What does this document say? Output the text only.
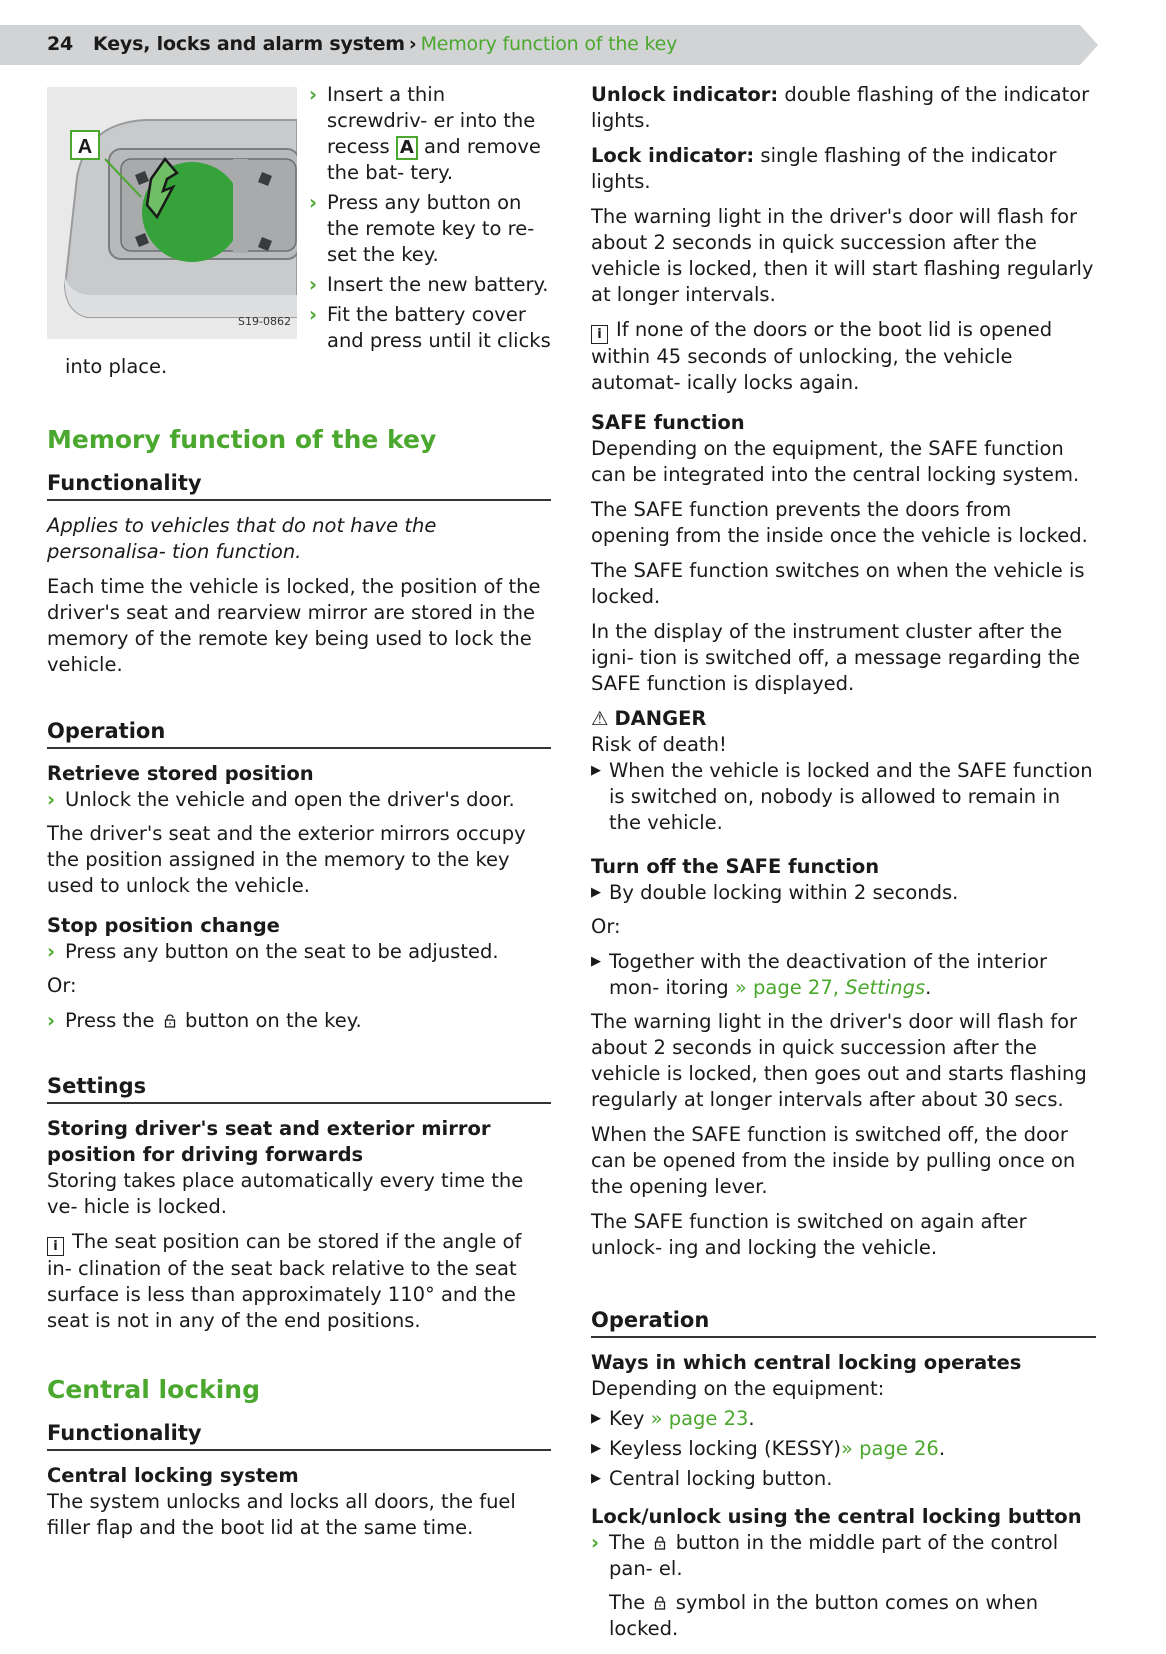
24 Keys, locks and alarm system › Memory function of the key
A
S19-0862
› Insert a thin screwdriv- er into the recess A and remove the bat- tery.
› Press any button on the remote key to re- set the key.
› Insert the new battery.
› Fit the battery cover and press until it clicks

into place.

Memory function of the key
Functionality

Applies to vehicles that do not have the personalisa- tion function.

Each time the vehicle is locked, the position of the driver's seat and rearview mirror are stored in the memory of the remote key being used to lock the vehicle.

Operation

Retrieve stored position

› Unlock the vehicle and open the driver's door.

The driver's seat and the exterior mirrors occupy the position assigned in the memory to the key used to unlock the vehicle.

Stop position change

› Press any button on the seat to be adjusted.

Or:

› Press the button on the key.
Settings

Storing driver's seat and exterior mirror position for driving forwards

Storing takes place automatically every time the ve- hicle is locked.

i The seat position can be stored if the angle of in- clination of the seat back relative to the seat surface is less than approximately 110° and the seat is not in any of the end positions.

Central locking
Functionality

Central locking system

The system unlocks and locks all doors, the fuel filler flap and the boot lid at the same time.

Unlock indicator: double flashing of the indicator lights.

Lock indicator: single flashing of the indicator lights.

The warning light in the driver's door will flash for about 2 seconds in quick succession after the vehicle is locked, then it will start flashing regularly at longer intervals.

i If none of the doors or the boot lid is opened within 45 seconds of unlocking, the vehicle automat- ically locks again.

SAFE function

Depending on the equipment, the SAFE function can be integrated into the central locking system.

The SAFE function prevents the doors from opening from the inside once the vehicle is locked.

The SAFE function switches on when the vehicle is locked.

In the display of the instrument cluster after the igni- tion is switched off, a message regarding the SAFE function is displayed.

⚠ DANGER

Risk of death!

▶ When the vehicle is locked and the SAFE function is switched on, nobody is allowed to remain in the vehicle.

Turn off the SAFE function

▶ By double locking within 2 seconds.

Or:

▶ Together with the deactivation of the interior mon- itoring » page 27, Settings.

The warning light in the driver's door will flash for about 2 seconds in quick succession after the vehicle is locked, then goes out and starts flashing regularly at longer intervals after about 30 secs.

When the SAFE function is switched off, the door can be opened from the inside by pulling once on the opening lever.

The SAFE function is switched on again after unlock- ing and locking the vehicle.

Operation

Ways in which central locking operates

Depending on the equipment:

▶ Key » page 23.
▶ Keyless locking (KESSY)» page 26.
▶ Central locking button.

Lock/unlock using the central locking button

› The button in the middle part of the control pan- el.

The symbol in the button comes on when locked.
